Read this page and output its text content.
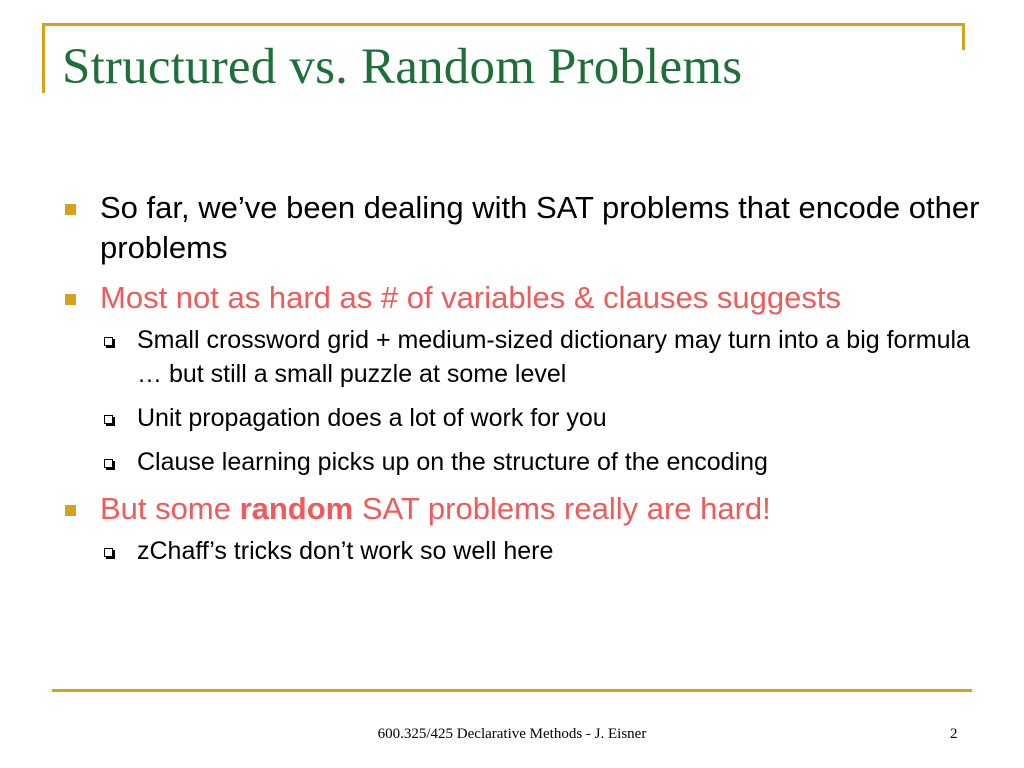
Structured vs. Random Problems
So far, we’ve been dealing with SAT problems that encode other problems
Most not as hard as # of variables & clauses suggests
Small crossword grid + medium-sized dictionary may turn into a big formula … but still a small puzzle at some level
Unit propagation does a lot of work for you
Clause learning picks up on the structure of the encoding
But some random SAT problems really are hard!
zChaff’s tricks don’t work so well here
600.325/425 Declarative Methods - J. Eisner	2
